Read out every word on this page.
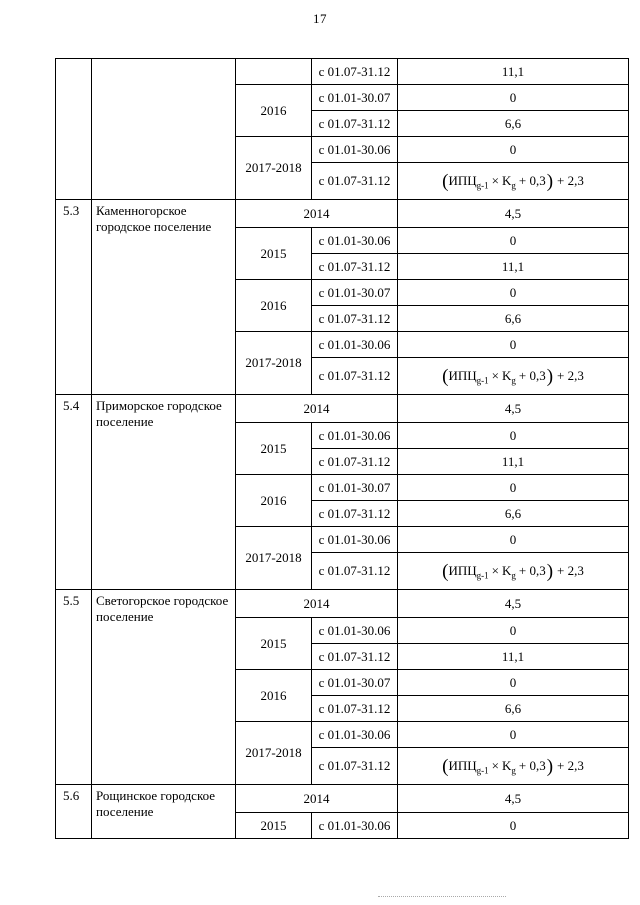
17
			с 01.07-31.12	11,1
		2016	с 01.01-30.07	0
			с 01.07-31.12	6,6
		2017-2018	с 01.01-30.06	0
			с 01.07-31.12	$(ИПЦ_{g-1} \times K_g + 0,3) + 2,3$
5.3	Каменногорское городское поселение	2014		4,5
		2015	с 01.01-30.06	0
			с 01.07-31.12	11,1
		2016	с 01.01-30.07	0
			с 01.07-31.12	6,6
		2017-2018	с 01.01-30.06	0
			с 01.07-31.12	$(ИПЦ_{g-1} \times K_g + 0,3) + 2,3$
5.4	Приморское городское поселение	2014		4,5
		2015	с 01.01-30.06	0
			с 01.07-31.12	11,1
		2016	с 01.01-30.07	0
			с 01.07-31.12	6,6
		2017-2018	с 01.01-30.06	0
			с 01.07-31.12	$(ИПЦ_{g-1} \times K_g + 0,3) + 2,3$
5.5	Светогорское городское поселение	2014		4,5
		2015	с 01.01-30.06	0
			с 01.07-31.12	11,1
		2016	с 01.01-30.07	0
			с 01.07-31.12	6,6
		2017-2018	с 01.01-30.06	0
			с 01.07-31.12	$(ИПЦ_{g-1} \times K_g + 0,3) + 2,3$
5.6	Рощинское городское поселение	2014		4,5
		2015	с 01.01-30.06	0
